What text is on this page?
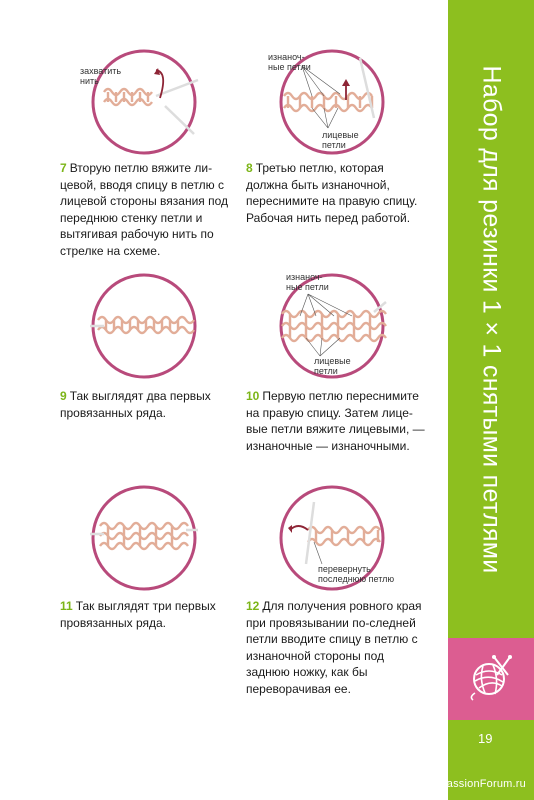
Набор для резинки 1 × 1 снятыми петлями
19
PassionForum.ru
захватить
нить
изнаноч-
ные петли
лицевые
петли
изнаноч-
ные петли
лицевые
петли
перевернуть
последнюю петлю
7 Вторую петлю вяжите ли-цевой, вводя спицу в петлю с лицевой стороны вязания под переднюю стенку петли и вытягивая рабочую нить по стрелке на схеме.
8 Третью петлю, которая должна быть изнаночной, переснимите на правую спицу. Рабочая нить перед работой.
9 Так выглядят два первых провязанных ряда.
10 Первую петлю переснимите на правую спицу. Затем лице-вые петли вяжите лицевыми, — изнаночные — изнаночными.
11 Так выглядят три первых провязанных ряда.
12 Для получения ровного края при провязывании по-следней петли вводите спицу в петлю с изнаночной стороны под заднюю ножку, как бы переворачивая ее.
